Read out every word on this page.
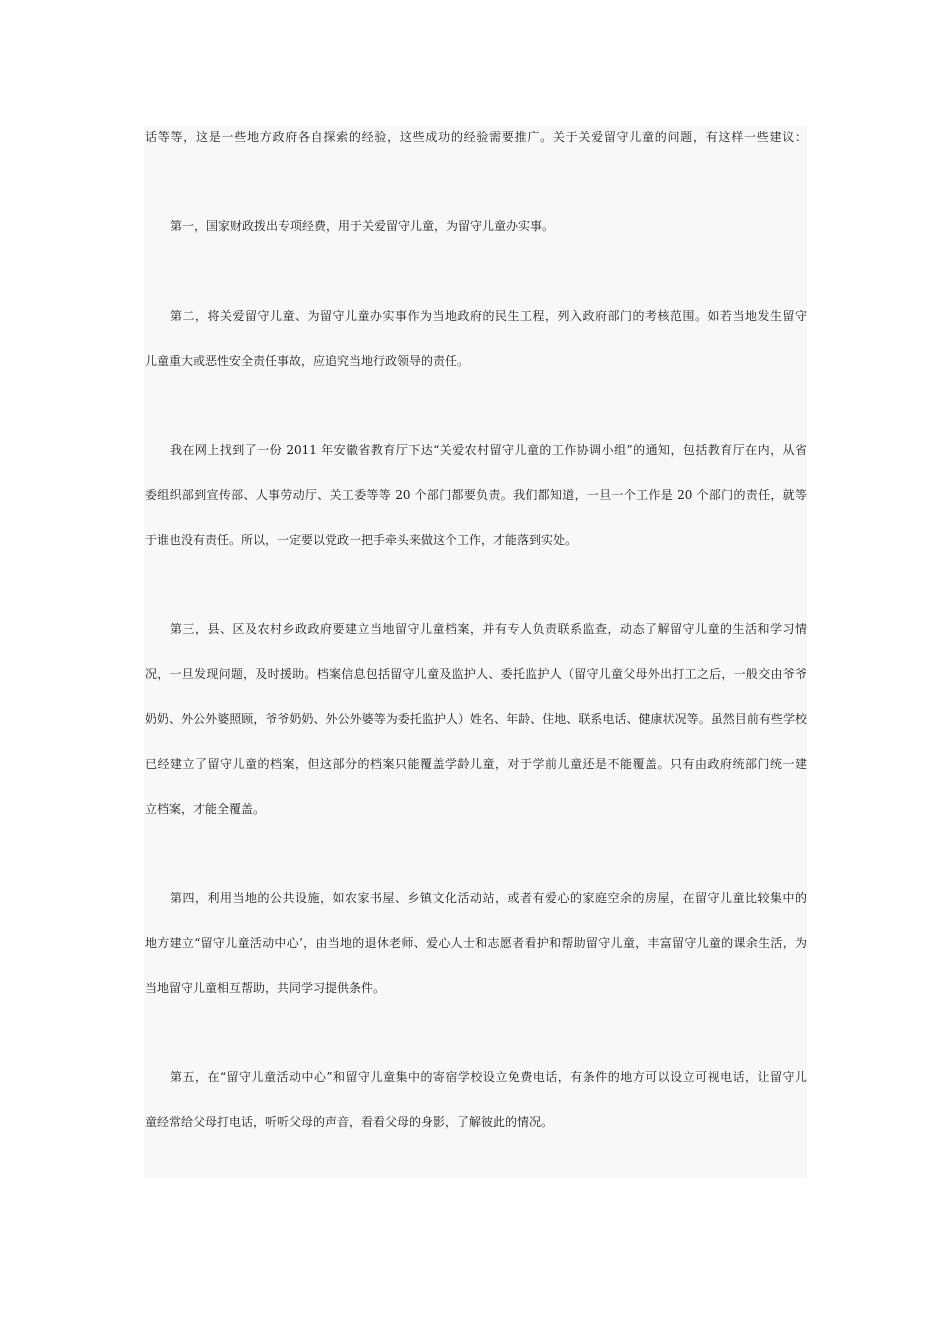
话等等，这是一些地方政府各自探索的经验，这些成功的经验需要推广。关于关爱留守儿童的问题，有这样一些建议：

第一，国家财政拨出专项经费，用于关爱留守儿童，为留守儿童办实事。

第二，将关爱留守儿童、为留守儿童办实事作为当地政府的民生工程，列入政府部门的考核范围。如若当地发生留守

儿童重大或恶性安全责任事故，应追究当地行政领导的责任。

我在网上找到了一份 2011 年安徽省教育厅下达“关爱农村留守儿童的工作协调小组”的通知，包括教育厅在内，从省

委组织部到宣传部、人事劳动厅、关工委等等 20 个部门都要负责。我们都知道，一旦一个工作是 20 个部门的责任，就等

于谁也没有责任。所以，一定要以党政一把手牵头来做这个工作，才能落到实处。

第三，县、区及农村乡政政府要建立当地留守儿童档案，并有专人负责联系监查，动态了解留守儿童的生活和学习情

况，一旦发现问题，及时援助。档案信息包括留守儿童及监护人、委托监护人（留守儿童父母外出打工之后，一般交由爷爷

奶奶、外公外婆照顾，爷爷奶奶、外公外婆等为委托监护人）姓名、年龄、住地、联系电话、健康状况等。虽然目前有些学校

已经建立了留守儿童的档案，但这部分的档案只能覆盖学龄儿童，对于学前儿童还是不能覆盖。只有由政府统部门统一建

立档案，才能全覆盖。

第四，利用当地的公共设施，如农家书屋、乡镇文化活动站，或者有爱心的家庭空余的房屋，在留守儿童比较集中的

地方建立“留守儿童活动中心’，由当地的退休老师、爱心人士和志愿者看护和帮助留守儿童，丰富留守儿童的课余生活，为

当地留守儿童相互帮助，共同学习提供条件。

第五，在“留守儿童活动中心”和留守儿童集中的寄宿学校设立免费电话，有条件的地方可以设立可视电话，让留守儿

童经常给父母打电话，听听父母的声音，看看父母的身影，了解彼此的情况。
